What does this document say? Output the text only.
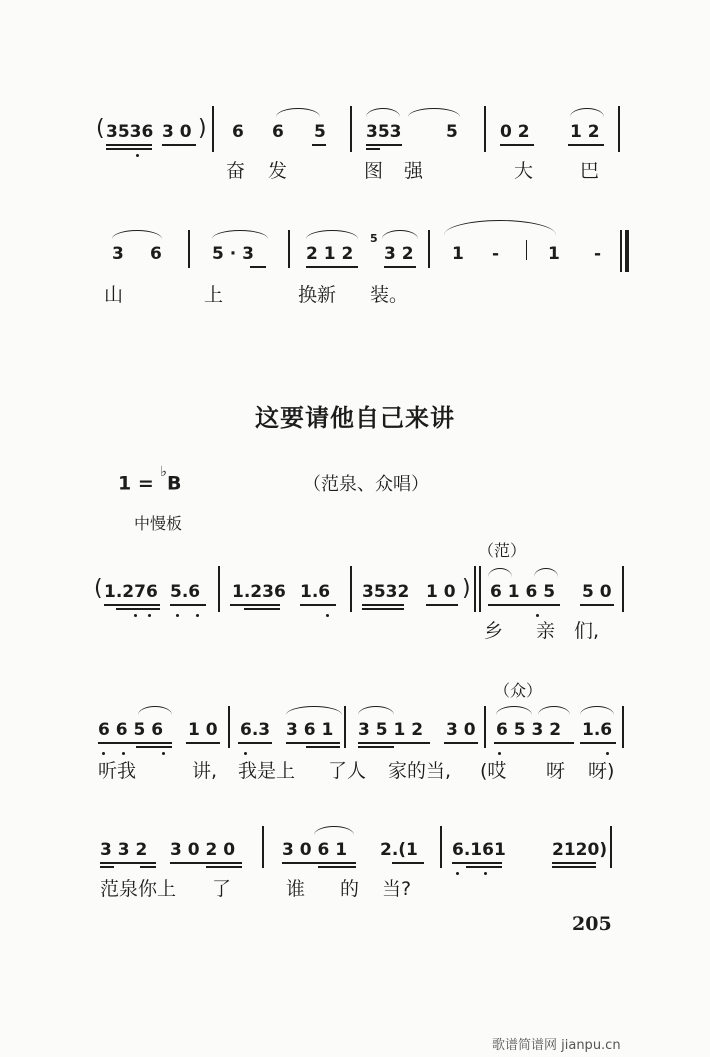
( 3536 3 0 ) 6 6 5 353	5 0 2 1 2
奋 发	图 强	大 巴
3 6	5 · 3	2 1 2
5
3 2 1 -	1 -
山	上	换新 装。
这要请他自己来讲
1 = ♭B	（范泉、众唱）
中慢板
（范）
( 1.276 5.6 1.236 1.6 3532 1 0 ) 6 1 6 5 5 0
乡 亲 们,
（众）
6 6 5 6 1 0 6.3 3 6 1 3 5 1 2 3 0 6 5 3 2 1.6
听我	讲, 我是上 了人 家的当, (哎 呀 呀)
3 3 2 3 0 2 0	3 0 6 1 2.(1 6.161	2120)
范泉你上 了	谁 的 当?
205
歌谱简谱网 jianpu.cn
